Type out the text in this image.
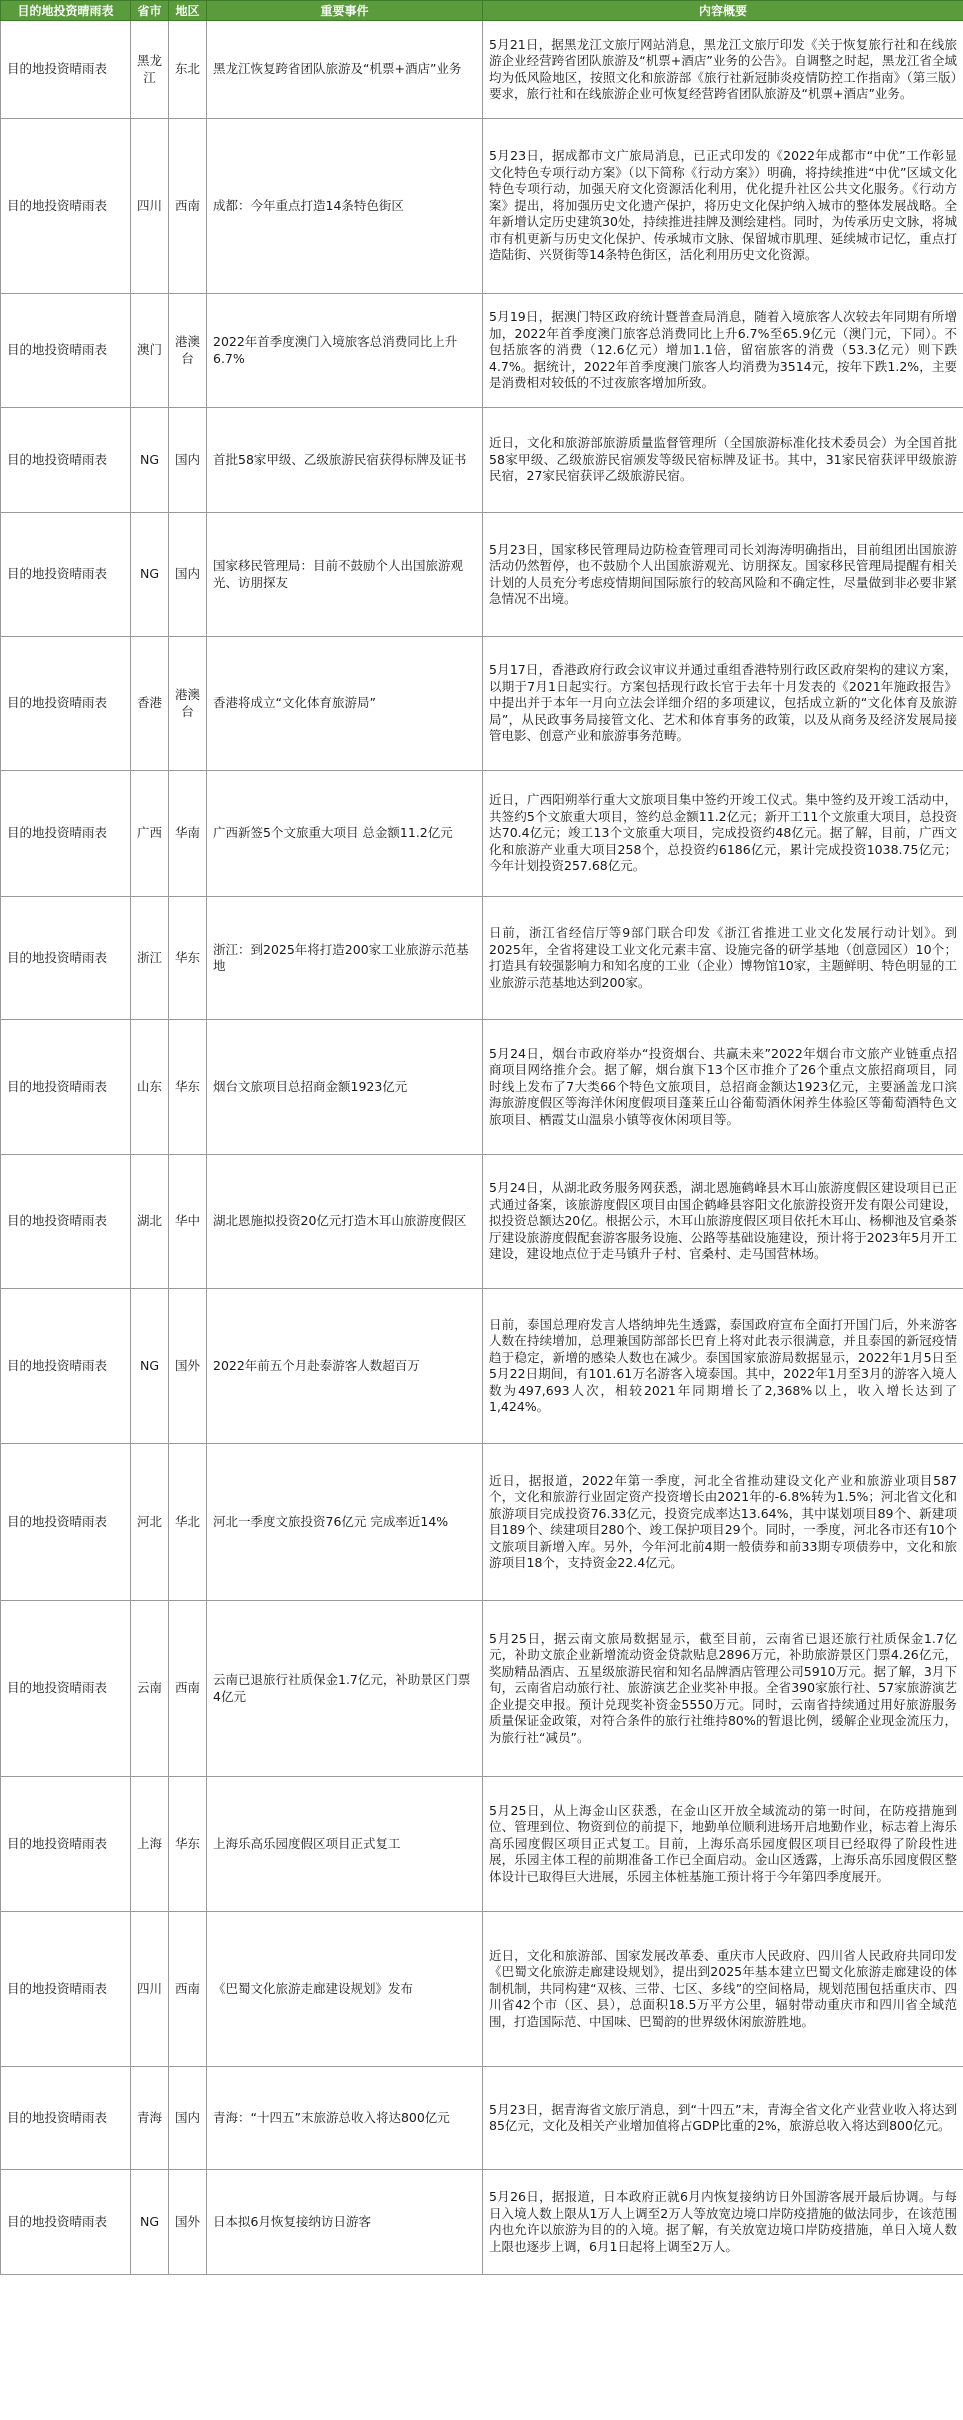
目的地投资晴雨表	省市	地区	重要事件	内容概要
目的地投资晴雨表	黑龙江	东北	黑龙江恢复跨省团队旅游及“机票+酒店”业务	5月21日，据黑龙江文旅厅网站消息，黑龙江文旅厅印发《关于恢复旅行社和在线旅游企业经营跨省团队旅游及“机票+酒店”业务的公告》。自调整之时起，黑龙江省全域均为低风险地区，按照文化和旅游部《旅行社新冠肺炎疫情防控工作指南》（第三版）要求，旅行社和在线旅游企业可恢复经营跨省团队旅游及“机票+酒店”业务。
目的地投资晴雨表	四川	西南	成都：今年重点打造14条特色街区	5月23日，据成都市文广旅局消息，已正式印发的《2022年成都市“中优”工作彰显文化特色专项行动方案》（以下简称《行动方案》）明确，将持续推进“中优”区域文化特色专项行动，加强天府文化资源活化利用，优化提升社区公共文化服务。《行动方案》提出，将加强历史文化遗产保护，将历史文化保护纳入城市的整体发展战略。全年新增认定历史建筑30处，持续推进挂牌及测绘建档。同时，为传承历史文脉，将城市有机更新与历史文化保护、传承城市文脉、保留城市肌理、延续城市记忆，重点打造陆街、兴贤街等14条特色街区，活化利用历史文化资源。
目的地投资晴雨表	澳门	港澳台	2022年首季度澳门入境旅客总消费同比上升6.7%	5月19日，据澳门特区政府统计暨普查局消息，随着入境旅客人次较去年同期有所增加，2022年首季度澳门旅客总消费同比上升6.7%至65.9亿元（澳门元，下同）。不包括旅客的消费（12.6亿元）增加1.1倍，留宿旅客的消费（53.3亿元）则下跌4.7%。据统计，2022年首季度澳门旅客人均消费为3514元，按年下跌1.2%，主要是消费相对较低的不过夜旅客增加所致。
目的地投资晴雨表	NG	国内	首批58家甲级、乙级旅游民宿获得标牌及证书	近日，文化和旅游部旅游质量监督管理所（全国旅游标准化技术委员会）为全国首批58家甲级、乙级旅游民宿颁发等级民宿标牌及证书。其中，31家民宿获评甲级旅游民宿，27家民宿获评乙级旅游民宿。
目的地投资晴雨表	NG	国内	国家移民管理局：目前不鼓励个人出国旅游观光、访朋探友	5月23日，国家移民管理局边防检查管理司司长刘海涛明确指出，目前组团出国旅游活动仍然暂停，也不鼓励个人出国旅游观光、访朋探友。国家移民管理局提醒有相关计划的人员充分考虑疫情期间国际旅行的较高风险和不确定性，尽量做到非必要非紧急情况不出境。
目的地投资晴雨表	香港	港澳台	香港将成立“文化体育旅游局”	5月17日，香港政府行政会议审议并通过重组香港特别行政区政府架构的建议方案，以期于7月1日起实行。方案包括现行政长官于去年十月发表的《2021年施政报告》中提出并于本年一月向立法会详细介绍的多项建议，包括成立新的“文化体育及旅游局”，从民政事务局接管文化、艺术和体育事务的政策，以及从商务及经济发展局接管电影、创意产业和旅游事务范畴。
目的地投资晴雨表	广西	华南	广西新签5个文旅重大项目 总金额11.2亿元	近日，广西阳朔举行重大文旅项目集中签约开竣工仪式。集中签约及开竣工活动中，共签约5个文旅重大项目，签约总金额11.2亿元；新开工11个文旅重大项目，总投资达70.4亿元；竣工13个文旅重大项目，完成投资约48亿元。据了解，目前，广西文化和旅游产业重大项目258个，总投资约6186亿元，累计完成投资1038.75亿元；今年计划投资257.68亿元。
目的地投资晴雨表	浙江	华东	浙江：到2025年将打造200家工业旅游示范基地	日前，浙江省经信厅等9部门联合印发《浙江省推进工业文化发展行动计划》。到2025年，全省将建设工业文化元素丰富、设施完备的研学基地（创意园区）10个；打造具有较强影响力和知名度的工业（企业）博物馆10家，主题鲜明、特色明显的工业旅游示范基地达到200家。
目的地投资晴雨表	山东	华东	烟台文旅项目总招商金额1923亿元	5月24日，烟台市政府举办“投资烟台、共赢未来”2022年烟台市文旅产业链重点招商项目网络推介会。据了解，烟台旗下13个区市推介了26个重点文旅招商项目，同时线上发布了7大类66个特色文旅项目，总招商金额达1923亿元，主要涵盖龙口滨海旅游度假区等海洋休闲度假项目蓬莱丘山谷葡萄酒休闲养生体验区等葡萄酒特色文旅项目、栖霞艾山温泉小镇等夜休闲项目等。
目的地投资晴雨表	湖北	华中	湖北恩施拟投资20亿元打造木耳山旅游度假区	5月24日，从湖北政务服务网获悉，湖北恩施鹤峰县木耳山旅游度假区建设项目已正式通过备案，该旅游度假区项目由国企鹤峰县容阳文化旅游投资开发有限公司建设，拟投资总额达20亿。根据公示，木耳山旅游度假区项目依托木耳山、杨柳池及官桑茶厅建设旅游度假配套游客服务设施、公路等基础设施建设，预计将于2023年5月开工建设，建设地点位于走马镇升子村、官桑村、走马国营林场。
目的地投资晴雨表	NG	国外	2022年前五个月赴泰游客人数超百万	日前，泰国总理府发言人塔纳坤先生透露，泰国政府宣布全面打开国门后，外来游客人数在持续增加，总理兼国防部部长巴育上将对此表示很满意，并且泰国的新冠疫情趋于稳定，新增的感染人数也在减少。泰国国家旅游局数据显示，2022年1月5日至5月22日期间，有101.61万名游客入境泰国。其中，2022年1月至3月的游客入境人数为497,693人次，相较2021年同期增长了2,368%以上，收入增长达到了1,424%。
目的地投资晴雨表	河北	华北	河北一季度文旅投资76亿元 完成率近14%	近日，据报道，2022年第一季度，河北全省推动建设文化产业和旅游业项目587个，文化和旅游行业固定资产投资增长由2021年的-6.8%转为1.5%；河北省文化和旅游项目完成投资76.33亿元，投资完成率达13.64%，其中谋划项目89个、新建项目189个、续建项目280个、竣工保护项目29个。同时，一季度，河北各市还有10个文旅项目新增入库。另外，今年河北前4期一般债券和前33期专项债券中，文化和旅游项目18个，支持资金22.4亿元。
目的地投资晴雨表	云南	西南	云南已退旅行社质保金1.7亿元，补助景区门票4亿元	5月25日，据云南文旅局数据显示，截至目前，云南省已退还旅行社质保金1.7亿元，补助文旅企业新增流动资金贷款贴息2896万元，补助旅游景区门票4.26亿元，奖励精品酒店、五星级旅游民宿和知名品牌酒店管理公司5910万元。据了解，3月下旬，云南省启动旅行社、旅游演艺企业奖补申报。全省390家旅行社、57家旅游演艺企业提交申报。预计兑现奖补资金5550万元。同时，云南省持续通过用好旅游服务质量保证金政策，对符合条件的旅行社维持80%的暂退比例，缓解企业现金流压力，为旅行社“减员”。
目的地投资晴雨表	上海	华东	上海乐高乐园度假区项目正式复工	5月25日，从上海金山区获悉，在金山区开放全域流动的第一时间，在防疫措施到位、管理到位、物资到位的前提下，地勤单位顺利进场开启地勤作业，标志着上海乐高乐园度假区项目正式复工。目前，上海乐高乐园度假区项目已经取得了阶段性进展，乐园主体工程的前期准备工作已全面启动。金山区透露，上海乐高乐园度假区整体设计已取得巨大进展，乐园主体桩基施工预计将于今年第四季度展开。
目的地投资晴雨表	四川	西南	《巴蜀文化旅游走廊建设规划》发布	近日，文化和旅游部、国家发展改革委、重庆市人民政府、四川省人民政府共同印发《巴蜀文化旅游走廊建设规划》，提出到2025年基本建立巴蜀文化旅游走廊建设的体制机制，共同构建“双核、三带、七区、多线”的空间格局，规划范围包括重庆市、四川省42个市（区、县），总面积18.5万平方公里，辐射带动重庆市和四川省全域范围，打造国际范、中国味、巴蜀韵的世界级休闲旅游胜地。
目的地投资晴雨表	青海	国内	青海：“十四五”末旅游总收入将达800亿元	5月23日，据青海省文旅厅消息，到“十四五”末，青海全省文化产业营业收入将达到85亿元，文化及相关产业增加值将占GDP比重的2%，旅游总收入将达到800亿元。
目的地投资晴雨表	NG	国外	日本拟6月恢复接纳访日游客	5月26日，据报道，日本政府正就6月内恢复接纳访日外国游客展开最后协调。与每日入境人数上限从1万人上调至2万人等放宽边境口岸防疫措施的做法同步，在该范围内也允许以旅游为目的的入境。据了解，有关放宽边境口岸防疫措施，单日入境人数上限也逐步上调，6月1日起将上调至2万人。
